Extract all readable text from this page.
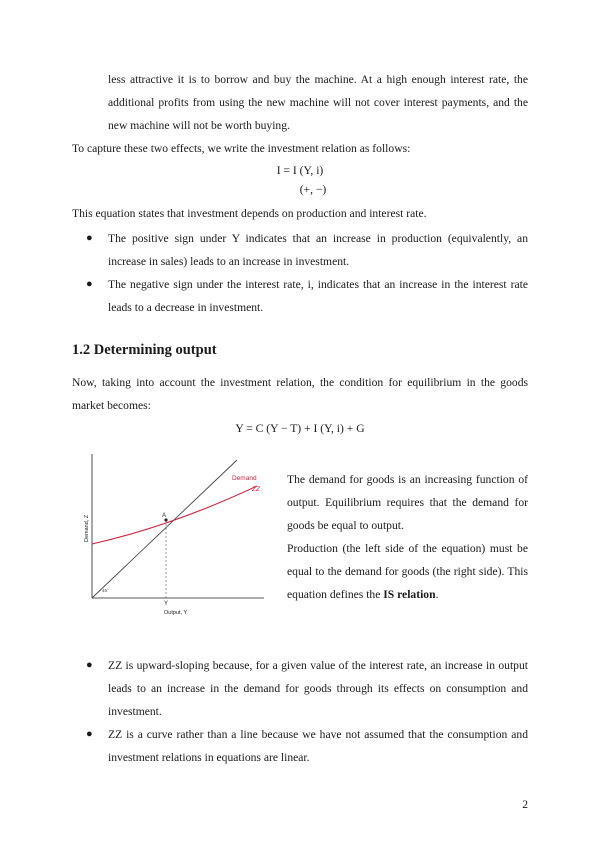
less attractive it is to borrow and buy the machine. At a high enough interest rate, the additional profits from using the new machine will not cover interest payments, and the new machine will not be worth buying.

To capture these two effects, we write the investment relation as follows:

I = I (Y, i)

(+, −)

This equation states that investment depends on production and interest rate.

● The positive sign under Y indicates that an increase in production (equivalently, an increase in sales) leads to an increase in investment.
● The negative sign under the interest rate, i, indicates that an increase in the interest rate leads to a decrease in investment.
1.2 Determining output

Now, taking into account the investment relation, the condition for equilibrium in the goods market becomes:

Y = C (Y − T) + I (Y, i) + G

A
Demand
ZZ
Y
Output, Y
Demand, Z
45°

The demand for goods is an increasing function of output. Equilibrium requires that the demand for goods be equal to output.

Production (the left side of the equation) must be equal to the demand for goods (the right side). This equation defines the IS relation.

● ZZ is upward-sloping because, for a given value of the interest rate, an increase in output leads to an increase in the demand for goods through its effects on consumption and investment.
● ZZ is a curve rather than a line because we have not assumed that the consumption and investment relations in equations are linear.
2
